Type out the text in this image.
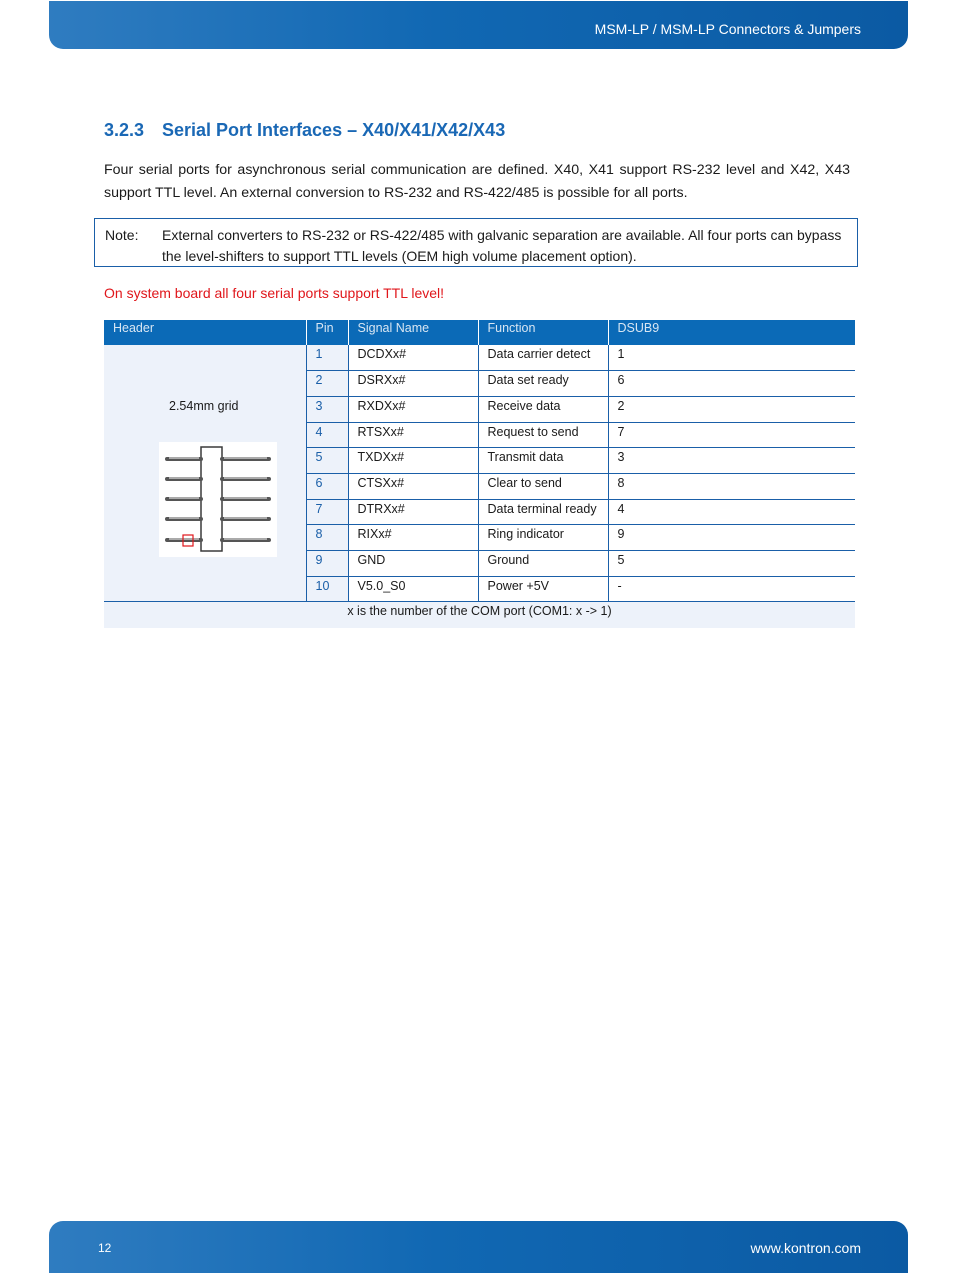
MSM-LP / MSM-LP Connectors & Jumpers
3.2.3 Serial Port Interfaces – X40/X41/X42/X43
Four serial ports for asynchronous serial communication are defined. X40, X41 support RS-232 level and X42, X43 support TTL level. An external conversion to RS-232 and RS-422/485 is possible for all ports.
Note: External converters to RS-232 or RS-422/485 with galvanic separation are available. All four ports can bypass the level-shifters to support TTL levels (OEM high volume placement option).
On system board all four serial ports support TTL level!
Header	Pin	Signal Name	Function	DSUB9

2.54mm grid	1	DCDXx#	Data carrier detect	1
	2	DSRXx#	Data set ready	6
	3	RXDXx#	Receive data	2
	4	RTSXx#	Request to send	7
	5	TXDXx#	Transmit data	3
	6	CTSXx#	Clear to send	8
	7	DTRXx#	Data terminal ready	4
	8	RIXx#	Ring indicator	9
	9	GND	Ground	5
	10	V5.0_S0	Power +5V	-
x is the number of the COM port (COM1: x -> 1)				
12	www.kontron.com
